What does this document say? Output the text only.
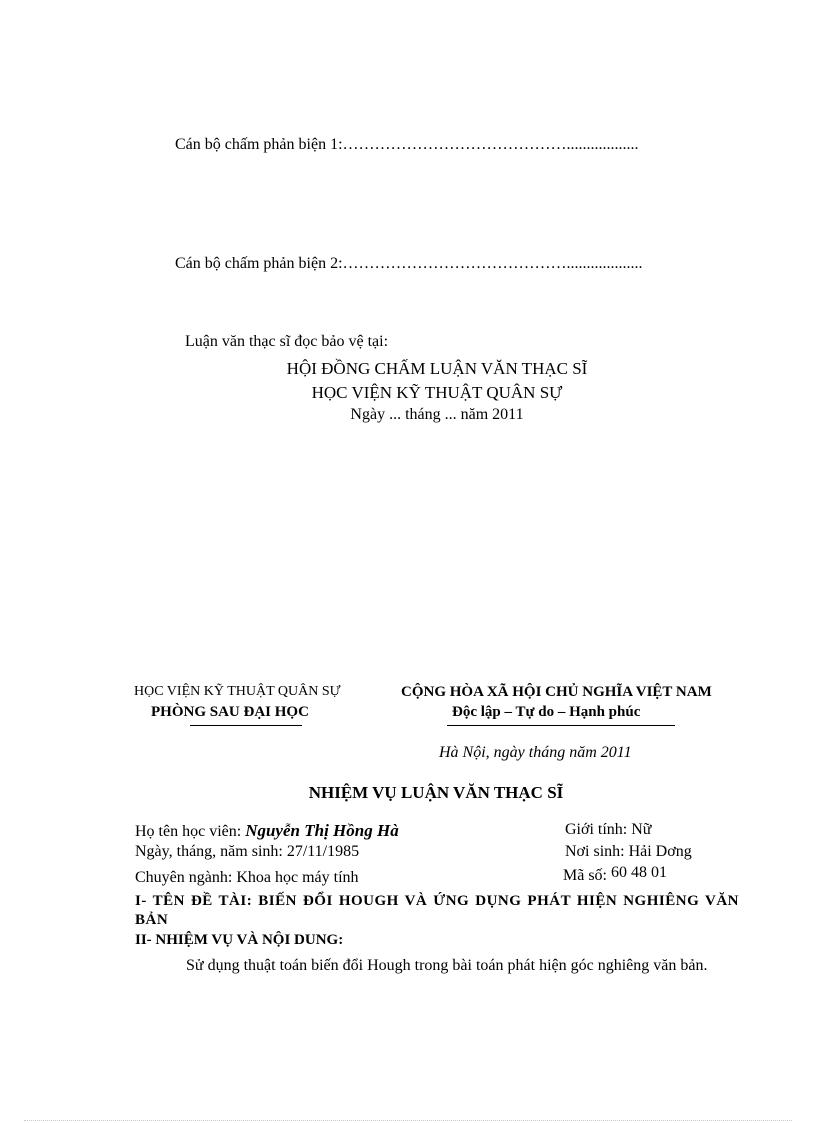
Cán bộ chấm phản biện 1:……………………………………..................
Cán bộ chấm phản biện 2:……………………………………...................
Luận văn thạc sĩ đọc bảo vệ tại:
HỘI ĐỒNG CHẤM LUẬN VĂN THẠC SĨ
HỌC VIỆN KỸ THUẬT QUÂN SỰ
Ngày ... tháng ... năm 2011
HỌC VIỆN KỸ THUẬT QUÂN SỰ
PHÒNG SAU ĐẠI HỌC
CỘNG HÒA XÃ HỘI CHỦ NGHĨA VIỆT NAM
Độc lập – Tự do – Hạnh phúc
Hà Nội, ngày tháng năm 2011
NHIỆM VỤ LUẬN VĂN THẠC SĨ
Họ tên học viên: Nguyễn Thị Hồng Hà	Giới tính: Nữ
Ngày, tháng, năm sinh: 27/11/1985	Nơi sinh: Hải Dơng
Chuyên ngành: Khoa học máy tính	Mã số: 60 48 01
I- TÊN ĐỀ TÀI: BIẾN ĐỔI HOUGH VÀ ỨNG DỤNG PHÁT HIỆN NGHIÊNG VĂN BẢN
II- NHIỆM VỤ VÀ NỘI DUNG:
Sử dụng thuật toán biến đổi Hough trong bài toán phát hiện góc nghiêng văn bản.
